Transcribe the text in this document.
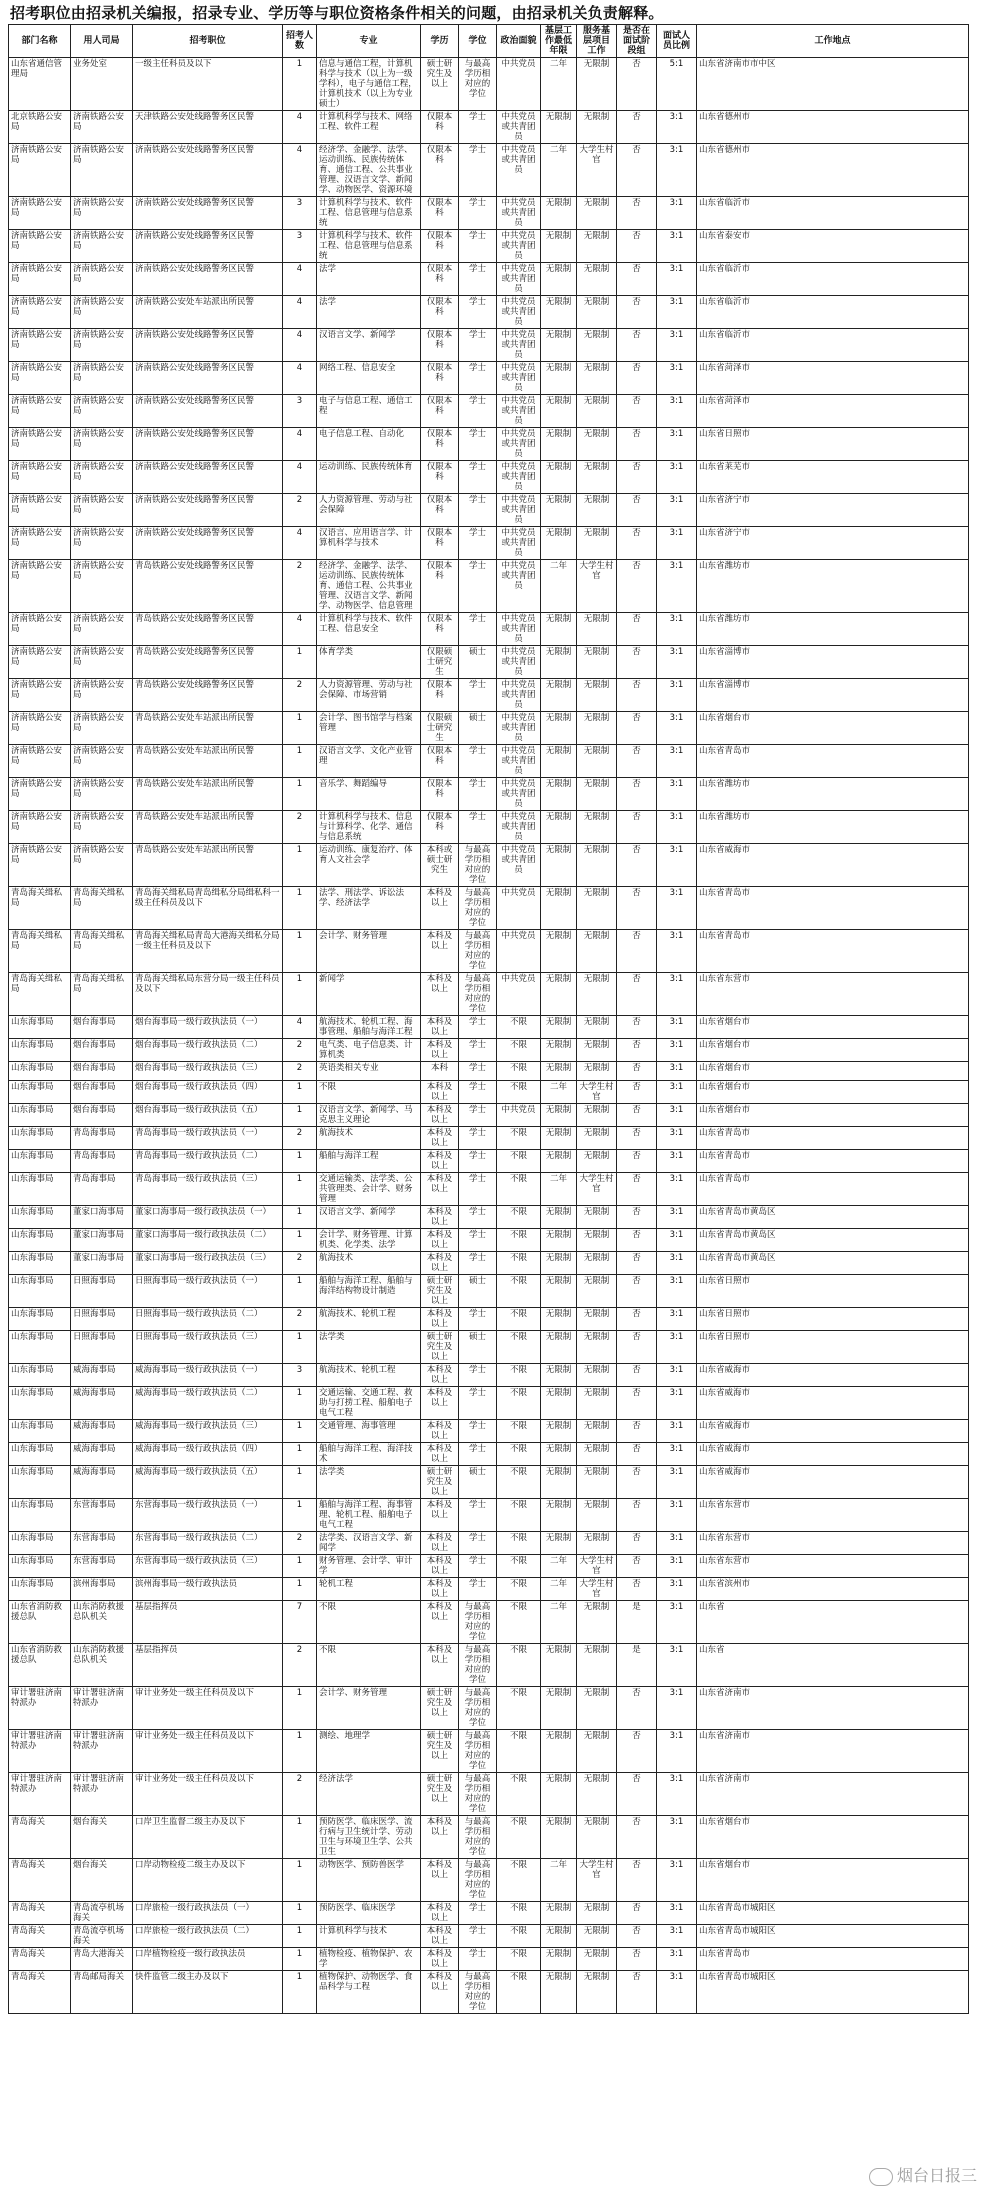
招考职位由招录机关编报，招录专业、学历等与职位资格条件相关的问题，由招录机关负责解释。
部门名称	用人司局	招考职位	招考人数	专业	学历	学位	政治面貌	基层工作最低年限	服务基层项目工作	是否在面试阶段组	面试人员比例	工作地点
山东省通信管理局	业务处室	一级主任科员及以下	1	信息与通信工程，计算机科学与技术（以上为一级学科），电子与通信工程，计算机技术（以上为专业硕士）	硕士研究生及以上	与最高学历相对应的学位	中共党员	二年	无限制	否	5:1	山东省济南市市中区
北京铁路公安局	济南铁路公安局	天津铁路公安处线路警务区民警	4	计算机科学与技术、网络工程、软件工程	仅限本科	学士	中共党员或共青团员	无限制	无限制	否	3:1	山东省德州市
济南铁路公安局	济南铁路公安局	济南铁路公安处线路警务区民警	4	经济学、金融学、法学、运动训练、民族传统体育、通信工程、公共事业管理、汉语言文学、新闻学、动物医学、资源环境	仅限本科	学士	中共党员或共青团员	二年	大学生村官	否	3:1	山东省德州市
济南铁路公安局	济南铁路公安局	济南铁路公安处线路警务区民警	3	计算机科学与技术、软件工程、信息管理与信息系统	仅限本科	学士	中共党员或共青团员	无限制	无限制	否	3:1	山东省临沂市
济南铁路公安局	济南铁路公安局	济南铁路公安处线路警务区民警	3	计算机科学与技术、软件工程、信息管理与信息系统	仅限本科	学士	中共党员或共青团员	无限制	无限制	否	3:1	山东省泰安市
济南铁路公安局	济南铁路公安局	济南铁路公安处线路警务区民警	4	法学	仅限本科	学士	中共党员或共青团员	无限制	无限制	否	3:1	山东省临沂市
济南铁路公安局	济南铁路公安局	济南铁路公安处车站派出所民警	4	法学	仅限本科	学士	中共党员或共青团员	无限制	无限制	否	3:1	山东省临沂市
济南铁路公安局	济南铁路公安局	济南铁路公安处线路警务区民警	4	汉语言文学、新闻学	仅限本科	学士	中共党员或共青团员	无限制	无限制	否	3:1	山东省临沂市
济南铁路公安局	济南铁路公安局	济南铁路公安处线路警务区民警	4	网络工程、信息安全	仅限本科	学士	中共党员或共青团员	无限制	无限制	否	3:1	山东省菏泽市
济南铁路公安局	济南铁路公安局	济南铁路公安处线路警务区民警	3	电子与信息工程、通信工程	仅限本科	学士	中共党员或共青团员	无限制	无限制	否	3:1	山东省菏泽市
济南铁路公安局	济南铁路公安局	济南铁路公安处线路警务区民警	4	电子信息工程、自动化	仅限本科	学士	中共党员或共青团员	无限制	无限制	否	3:1	山东省日照市
济南铁路公安局	济南铁路公安局	济南铁路公安处线路警务区民警	4	运动训练、民族传统体育	仅限本科	学士	中共党员或共青团员	无限制	无限制	否	3:1	山东省莱芜市
济南铁路公安局	济南铁路公安局	济南铁路公安处线路警务区民警	2	人力资源管理、劳动与社会保障	仅限本科	学士	中共党员或共青团员	无限制	无限制	否	3:1	山东省济宁市
济南铁路公安局	济南铁路公安局	济南铁路公安处线路警务区民警	4	汉语言、应用语言学、计算机科学与技术	仅限本科	学士	中共党员或共青团员	无限制	无限制	否	3:1	山东省济宁市
济南铁路公安局	济南铁路公安局	青岛铁路公安处线路警务区民警	2	经济学、金融学、法学、运动训练、民族传统体育、通信工程、公共事业管理、汉语言文学、新闻学、动物医学、信息管理	仅限本科	学士	中共党员或共青团员	二年	大学生村官	否	3:1	山东省潍坊市
济南铁路公安局	济南铁路公安局	青岛铁路公安处线路警务区民警	4	计算机科学与技术、软件工程、信息安全	仅限本科	学士	中共党员或共青团员	无限制	无限制	否	3:1	山东省潍坊市
济南铁路公安局	济南铁路公安局	青岛铁路公安处线路警务区民警	1	体育学类	仅限硕士研究生	硕士	中共党员或共青团员	无限制	无限制	否	3:1	山东省淄博市
济南铁路公安局	济南铁路公安局	青岛铁路公安处线路警务区民警	2	人力资源管理、劳动与社会保障、市场营销	仅限本科	学士	中共党员或共青团员	无限制	无限制	否	3:1	山东省淄博市
济南铁路公安局	济南铁路公安局	青岛铁路公安处车站派出所民警	1	会计学、图书馆学与档案管理	仅限硕士研究生	硕士	中共党员或共青团员	无限制	无限制	否	3:1	山东省烟台市
济南铁路公安局	济南铁路公安局	青岛铁路公安处车站派出所民警	1	汉语言文学、文化产业管理	仅限本科	学士	中共党员或共青团员	无限制	无限制	否	3:1	山东省青岛市
济南铁路公安局	济南铁路公安局	青岛铁路公安处车站派出所民警	1	音乐学、舞蹈编导	仅限本科	学士	中共党员或共青团员	无限制	无限制	否	3:1	山东省潍坊市
济南铁路公安局	济南铁路公安局	青岛铁路公安处车站派出所民警	2	计算机科学与技术、信息与计算科学、化学、通信与信息系统	仅限本科	学士	中共党员或共青团员	无限制	无限制	否	3:1	山东省潍坊市
济南铁路公安局	济南铁路公安局	青岛铁路公安处车站派出所民警	1	运动训练、康复治疗、体育人文社会学	本科或硕士研究生	与最高学历相对应的学位	中共党员或共青团员	无限制	无限制	否	3:1	山东省威海市
青岛海关缉私局	青岛海关缉私局	青岛海关缉私局青岛缉私分局缉私科一级主任科员及以下	1	法学、刑法学、诉讼法学、经济法学	本科及以上	与最高学历相对应的学位	中共党员	无限制	无限制	否	3:1	山东省青岛市
青岛海关缉私局	青岛海关缉私局	青岛海关缉私局青岛大港海关缉私分局一级主任科员及以下	1	会计学、财务管理	本科及以上	与最高学历相对应的学位	中共党员	无限制	无限制	否	3:1	山东省青岛市
青岛海关缉私局	青岛海关缉私局	青岛海关缉私局东营分局一级主任科员及以下	1	新闻学	本科及以上	与最高学历相对应的学位	中共党员	无限制	无限制	否	3:1	山东省东营市
山东海事局	烟台海事局	烟台海事局一级行政执法员（一）	4	航海技术、轮机工程、海事管理、船舶与海洋工程	本科及以上	学士	不限	无限制	无限制	否	3:1	山东省烟台市
山东海事局	烟台海事局	烟台海事局一级行政执法员（二）	2	电气类、电子信息类、计算机类	本科及以上	学士	不限	无限制	无限制	否	3:1	山东省烟台市
山东海事局	烟台海事局	烟台海事局一级行政执法员（三）	2	英语类相关专业	本科	学士	不限	无限制	无限制	否	3:1	山东省烟台市
山东海事局	烟台海事局	烟台海事局一级行政执法员（四）	1	不限	本科及以上	学士	不限	二年	大学生村官	否	3:1	山东省烟台市
山东海事局	烟台海事局	烟台海事局一级行政执法员（五）	1	汉语言文学、新闻学、马克思主义理论	本科及以上	学士	中共党员	无限制	无限制	否	3:1	山东省烟台市
山东海事局	青岛海事局	青岛海事局一级行政执法员（一）	2	航海技术	本科及以上	学士	不限	无限制	无限制	否	3:1	山东省青岛市
山东海事局	青岛海事局	青岛海事局一级行政执法员（二）	1	船舶与海洋工程	本科及以上	学士	不限	无限制	无限制	否	3:1	山东省青岛市
山东海事局	青岛海事局	青岛海事局一级行政执法员（三）	1	交通运输类、法学类、公共管理类、会计学、财务管理	本科及以上	学士	不限	二年	大学生村官	否	3:1	山东省青岛市
山东海事局	董家口海事局	董家口海事局一级行政执法员（一）	1	汉语言文学、新闻学	本科及以上	学士	不限	无限制	无限制	否	3:1	山东省青岛市黄岛区
山东海事局	董家口海事局	董家口海事局一级行政执法员（二）	1	会计学、财务管理、计算机类、化学类、法学	本科及以上	学士	不限	无限制	无限制	否	3:1	山东省青岛市黄岛区
山东海事局	董家口海事局	董家口海事局一级行政执法员（三）	2	航海技术	本科及以上	学士	不限	无限制	无限制	否	3:1	山东省青岛市黄岛区
山东海事局	日照海事局	日照海事局一级行政执法员（一）	1	船舶与海洋工程、船舶与海洋结构物设计制造	硕士研究生及以上	硕士	不限	无限制	无限制	否	3:1	山东省日照市
山东海事局	日照海事局	日照海事局一级行政执法员（二）	2	航海技术、轮机工程	本科及以上	学士	不限	无限制	无限制	否	3:1	山东省日照市
山东海事局	日照海事局	日照海事局一级行政执法员（三）	1	法学类	硕士研究生及以上	硕士	不限	无限制	无限制	否	3:1	山东省日照市
山东海事局	威海海事局	威海海事局一级行政执法员（一）	3	航海技术、轮机工程	本科及以上	学士	不限	无限制	无限制	否	3:1	山东省威海市
山东海事局	威海海事局	威海海事局一级行政执法员（二）	1	交通运输、交通工程、救助与打捞工程、船舶电子电气工程	本科及以上	学士	不限	无限制	无限制	否	3:1	山东省威海市
山东海事局	威海海事局	威海海事局一级行政执法员（三）	1	交通管理、海事管理	本科及以上	学士	不限	无限制	无限制	否	3:1	山东省威海市
山东海事局	威海海事局	威海海事局一级行政执法员（四）	1	船舶与海洋工程、海洋技术	本科及以上	学士	不限	无限制	无限制	否	3:1	山东省威海市
山东海事局	威海海事局	威海海事局一级行政执法员（五）	1	法学类	硕士研究生及以上	硕士	不限	无限制	无限制	否	3:1	山东省威海市
山东海事局	东营海事局	东营海事局一级行政执法员（一）	1	船舶与海洋工程、海事管理、轮机工程、船舶电子电气工程	本科及以上	学士	不限	无限制	无限制	否	3:1	山东省东营市
山东海事局	东营海事局	东营海事局一级行政执法员（二）	2	法学类、汉语言文学、新闻学	本科及以上	学士	不限	无限制	无限制	否	3:1	山东省东营市
山东海事局	东营海事局	东营海事局一级行政执法员（三）	1	财务管理、会计学、审计学	本科及以上	学士	不限	二年	大学生村官	否	3:1	山东省东营市
山东海事局	滨州海事局	滨州海事局一级行政执法员	1	轮机工程	本科及以上	学士	不限	二年	大学生村官	否	3:1	山东省滨州市
山东省消防救援总队	山东消防救援总队机关	基层指挥员	7	不限	本科及以上	与最高学历相对应的学位	不限	二年	无限制	是	3:1	山东省
山东省消防救援总队	山东消防救援总队机关	基层指挥员	2	不限	本科及以上	与最高学历相对应的学位	不限	无限制	无限制	是	3:1	山东省
审计署驻济南特派办	审计署驻济南特派办	审计业务处一级主任科员及以下	1	会计学、财务管理	硕士研究生及以上	与最高学历相对应的学位	不限	无限制	无限制	否	3:1	山东省济南市
审计署驻济南特派办	审计署驻济南特派办	审计业务处一级主任科员及以下	1	测绘、地理学	硕士研究生及以上	与最高学历相对应的学位	不限	无限制	无限制	否	3:1	山东省济南市
审计署驻济南特派办	审计署驻济南特派办	审计业务处一级主任科员及以下	2	经济法学	硕士研究生及以上	与最高学历相对应的学位	不限	无限制	无限制	否	3:1	山东省济南市
青岛海关	烟台海关	口岸卫生监督二级主办及以下	1	预防医学、临床医学、流行病与卫生统计学、劳动卫生与环境卫生学、公共卫生	本科及以上	与最高学历相对应的学位	不限	无限制	无限制	否	3:1	山东省烟台市
青岛海关	烟台海关	口岸动物检疫二级主办及以下	1	动物医学、预防兽医学	本科及以上	与最高学历相对应的学位	不限	二年	大学生村官	否	3:1	山东省烟台市
青岛海关	青岛流亭机场海关	口岸旅检一级行政执法员（一）	1	预防医学、临床医学	本科及以上	学士	不限	无限制	无限制	否	3:1	山东省青岛市城阳区
青岛海关	青岛流亭机场海关	口岸旅检一级行政执法员（二）	1	计算机科学与技术	本科及以上	学士	不限	无限制	无限制	否	3:1	山东省青岛市城阳区
青岛海关	青岛大港海关	口岸植物检疫一级行政执法员	1	植物检疫、植物保护、农学	本科及以上	学士	不限	无限制	无限制	否	3:1	山东省青岛市
青岛海关	青岛邮局海关	快件监管二级主办及以下	1	植物保护、动物医学、食品科学与工程	本科及以上	与最高学历相对应的学位	不限	无限制	无限制	否	3:1	山东省青岛市城阳区
烟台日报三
